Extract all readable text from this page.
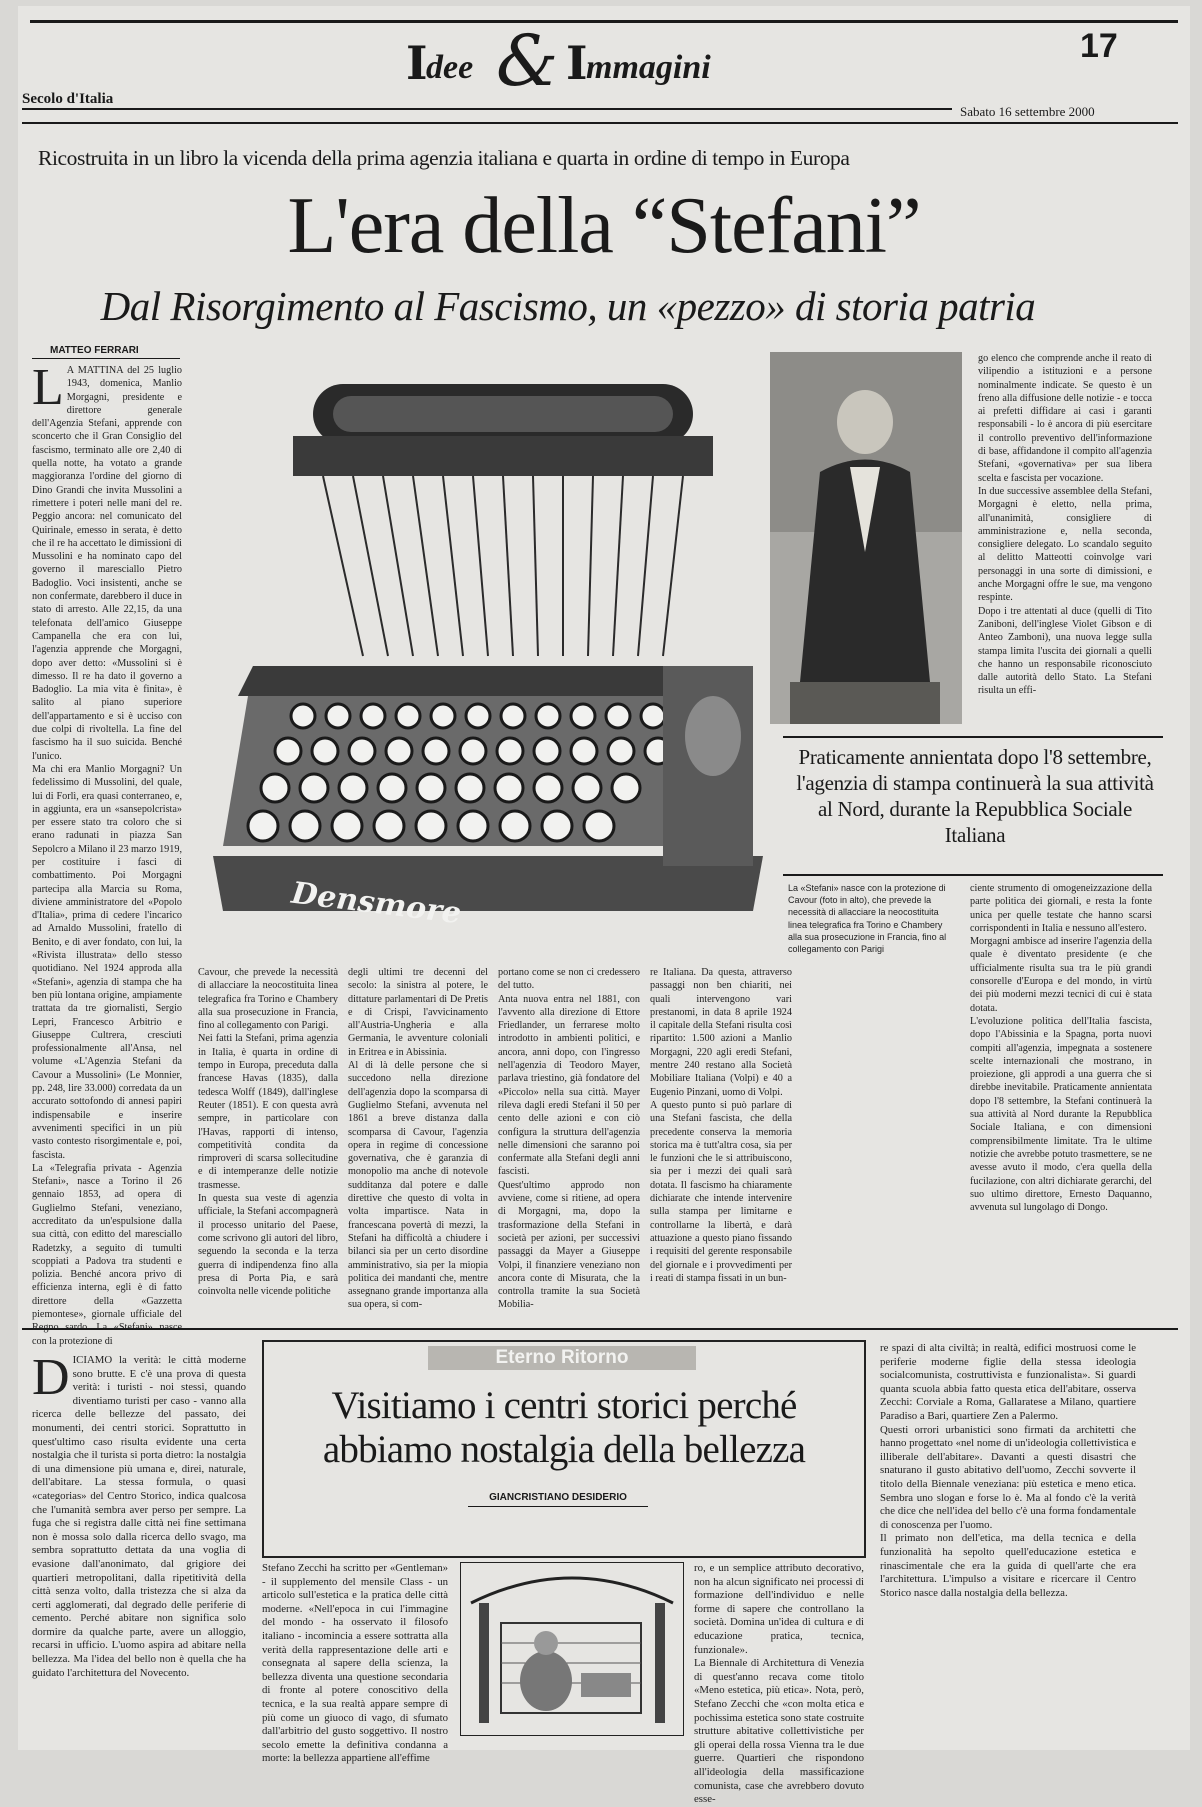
I
dee & I
mmagini
17
Secolo d'Italia
Sabato 16 settembre 2000
Ricostruita in un libro la vicenda della prima agenzia italiana e quarta in ordine di tempo in Europa
L'era della “Stefani”
Dal Risorgimento al Fascismo, un «pezzo» di storia patria
MATTEO FERRARI
L A MATTINA del 25 luglio 1943, domenica, Manlio Morgagni, presidente e direttore generale dell'Agenzia Stefani, apprende con sconcerto che il Gran Consiglio del fascismo, terminato alle ore 2,40 di quella notte, ha votato a grande maggioranza l'ordine del giorno di Dino Grandi che invita Mussolini a rimettere i poteri nelle mani del re. Peggio ancora: nel comunicato del Quirinale, emesso in serata, è detto che il re ha accettato le dimissioni di Mussolini e ha nominato capo del governo il maresciallo Pietro Badoglio. Voci insistenti, anche se non confermate, darebbero il duce in stato di arresto. Alle 22,15, da una telefonata dell'amico Giuseppe Campanella che era con lui, l'agenzia apprende che Morgagni, dopo aver detto: «Mussolini si è dimesso. Il re ha dato il governo a Badoglio. La mia vita è finita», è salito al piano superiore dell'appartamento e si è ucciso con due colpi di rivoltella. La fine del fascismo ha il suo suicida. Benché l'unico.
Ma chi era Manlio Morgagni? Un fedelissimo di Mussolini, del quale, lui di Forlì, era quasi conterraneo, e, in aggiunta, era un «sansepolcrista» per essere stato tra coloro che si erano radunati in piazza San Sepolcro a Milano il 23 marzo 1919, per costituire i fasci di combattimento. Poi Morgagni partecipa alla Marcia su Roma, diviene amministratore del «Popolo d'Italia», prima di cedere l'incarico ad Arnaldo Mussolini, fratello di Benito, e di aver fondato, con lui, la «Rivista illustrata» dello stesso quotidiano. Nel 1924 approda alla «Stefani», agenzia di stampa che ha ben più lontana origine, ampiamente trattata da tre giornalisti, Sergio Lepri, Francesco Arbitrio e Giuseppe Cultrera, cresciuti professionalmente all'Ansa, nel volume «L'Agenzia Stefani da Cavour a Mussolini» (Le Monnier, pp. 248, lire 33.000) corredata da un accurato sottofondo di annesi papiri indispensabile e inserire avvenimenti specifici in un più vasto contesto risorgimentale e, poi, fascista.
La «Telegrafia privata - Agenzia Stefani», nasce a Torino il 26 gennaio 1853, ad opera di Guglielmo Stefani, veneziano, accreditato da un'espulsione dalla sua città, con editto del maresciallo Radetzky, a seguito di tumulti scoppiati a Padova tra studenti e polizia. Benché ancora privo di efficienza interna, egli è di fatto direttore della «Gazzetta piemontese», giornale ufficiale del con la protezione di
Densmore
go elenco che comprende anche il reato di vilipendio a istituzioni e a persone nominalmente indicate. Se questo è un freno alla diffusione delle notizie - e tocca ai prefetti diffidare ai casi i garanti responsabili - lo è ancora di più esercitare il controllo preventivo dell'informazione di base, affidandone il compito all'agenzia Stefani, «governativa» per sua libera scelta e fascista per vocazione.
In due successive assemblee della Stefani, Morgagni è eletto, nella prima, all'unanimità, consigliere di amministrazione e, nella seconda, consigliere delegato. Lo scandalo seguito al delitto Matteotti coinvolge vari personaggi in una sorte di dimissioni, e anche Morgagni offre le sue, ma vengono respinte.
Dopo i tre attentati al duce (quelli di Tito Zaniboni, dell'inglese Violet Gibson e di Anteo Zamboni), una nuova legge sulla stampa limita l'uscita dei giornali a quelli che hanno un responsabile riconosciuto dalle autorità dello Stato. La Stefani risulta un effi-
Praticamente annientata dopo l'8 settembre, l'agenzia di stampa continuerà la sua attività al Nord, durante la Repubblica Sociale Italiana
La «Stefani» nasce con la protezione di Cavour (foto in alto), che prevede la necessità di allacciare la neocostituita linea telegrafica fra Torino e Chambery alla sua prosecuzione in Francia, fino al collegamento con Parigi
Cavour, che prevede la necessità di allacciare la neocostituita linea telegrafica fra Torino e Chambery alla sua prosecuzione in Francia, fino al collegamento con Parigi.
Nei fatti la Stefani, prima agenzia in Italia, è quarta in ordine di tempo in Europa, preceduta dalla francese Havas (1835), dalla tedesca Wolff (1849), dall'inglese Reuter (1851). E con questa avrà sempre, in particolare con l'Havas, rapporti di intenso, competitività condita da rimproveri di scarsa sollecitudine e di intemperanze delle notizie trasmesse.
In questa sua veste di agenzia ufficiale, la Stefani accompagnerà il processo unitario del Paese, come scrivono gli autori del libro, seguendo la seconda e la terza guerra di indipendenza fino alla presa di Porta Pia, e sarà coinvolta nelle vicende politiche
degli ultimi tre decenni del secolo: la sinistra al potere, le dittature parlamentari di De Pretis e di Crispi, l'avvicinamento all'Austria-Ungheria e alla Germania, le avventure coloniali in Eritrea e in Abissinia.
Al di là delle persone che si succedono nella direzione dell'agenzia dopo la scomparsa di Guglielmo Stefani, avvenuta nel 1861 a breve distanza dalla scomparsa di Cavour, l'agenzia opera in regime di concessione governativa, che è garanzia di monopolio ma anche di notevole sudditanza dal potere e dalle direttive che questo di volta in volta impartisce. Nata in francescana povertà di mezzi, la Stefani ha difficoltà a chiudere i bilanci sia per un certo disordine amministrativo, sia per la miopia politica dei mandanti che, mentre assegnano grande importanza alla sua opera, si com-
portano come se non ci credessero del tutto.
Anta nuova entra nel 1881, con l'avvento alla direzione di Ettore Friedlander, un ferrarese molto introdotto in ambienti politici, e ancora, anni dopo, con l'ingresso nell'agenzia di Teodoro Mayer, parlava triestino, già fondatore del «Piccolo» nella sua città. Mayer rileva dagli eredi Stefani il 50 per cento delle azioni e con ciò configura la struttura dell'agenzia nelle dimensioni che saranno poi confermate alla Stefani degli anni fascisti.
Quest'ultimo approdo non avviene, come si ritiene, ad opera di Morgagni, ma, dopo la trasformazione della Stefani in società per azioni, per successivi passaggi da Mayer a Giuseppe Volpi, il finanziere veneziano non ancora conte di Misurata, che la controlla tramite la sua Società Mobilia-
re Italiana. Da questa, attraverso passaggi non ben chiariti, nei quali intervengono vari prestanomi, in data 8 aprile 1924 il capitale della Stefani risulta così ripartito: 1.500 azioni a Manlio Morgagni, 220 agli eredi Stefani, mentre 240 restano alla Società Mobiliare Italiana (Volpi) e 40 a Eugenio Pinzani, uomo di Volpi.
A questo punto si può parlare di una Stefani fascista, che della precedente conserva la memoria storica ma è tutt'altra cosa, sia per le funzioni che le si attribuiscono, sia per i mezzi dei quali sarà dotata. Il fascismo ha chiaramente dichiarate che intende intervenire sulla stampa per limitarne e controllarne la libertà, e darà attuazione a questo piano fissando i requisiti del gerente responsabile del giornale e i provvedimenti per i reati di stampa fissati in un bun-
ciente strumento di omogeneizzazione della parte politica dei giornali, e resta la fonte unica per quelle testate che hanno scarsi corrispondenti in Italia e nessuno all'estero.
Morgagni ambisce ad inserire l'agenzia della quale è diventato presidente (e che ufficialmente risulta sua tra le più grandi consorelle d'Europa e del mondo, in virtù dei più moderni mezzi tecnici di cui è stata dotata.
L'evoluzione politica dell'Italia fascista, dopo l'Abissinia e la Spagna, porta nuovi compiti all'agenzia, impegnata a sostenere scelte internazionali che mostrano, in proiezione, gli approdi a una guerra che si direbbe inevitabile. Praticamente annientata dopo l'8 settembre, la Stefani continuerà la sua attività al Nord durante la Repubblica Sociale Italiana, e con dimensioni comprensibilmente limitate. Tra le ultime notizie che avrebbe potuto trasmettere, se ne avesse avuto il modo, c'era quella della fucilazione, con altri dichiarate gerarchi, del suo ultimo direttore, Ernesto Daquanno, avvenuta sul lungolago di Dongo.
Eterno Ritorno
Visitiamo i centri storici perché
abbiamo nostalgia della bellezza
GIANCRISTIANO DESIDERIO
DICIAMO la verità: le città moderne sono brutte. E c'è una prova di questa verità: i turisti - noi stessi, quando diventiamo turisti per caso - vanno alla ricerca delle bellezze del passato, dei monumenti, dei centri storici. Soprattutto in quest'ultimo caso risulta evidente una certa nostalgia che il turista si porta dietro: la nostalgia di una dimensione più umana e, direi, naturale, dell'abitare. La stessa formula, o quasi «categorias» del Centro Storico, indica qualcosa che l'umanità sembra aver perso per sempre. La fuga che si registra dalle città nei fine settimana non è mossa solo dalla ricerca dello svago, ma sembra soprattutto dettata da una voglia di evasione dall'anonimato, dal grigiore dei quartieri metropolitani, dalla ripetitività della città senza volto, dalla tristezza che si alza da certi agglomerati, dal degrado delle periferie di cemento. Perché abitare non significa solo dormire da qualche parte, avere un alloggio, recarsi in ufficio. L'uomo aspira ad abitare nella bellezza. Ma l'idea del bello non è quella che ha guidato l'architettura del Novecento.
Stefano Zecchi ha scritto per «Gentleman» - il supplemento del mensile Class - un articolo sull'estetica e la pratica delle città moderne. «Nell'epoca in cui l'immagine del mondo - ha osservato il filosofo italiano - incomincia a essere sottratta alla verità della rappresentazione delle arti e consegnata al sapere della scienza, la bellezza diventa una questione secondaria di fronte al potere conoscitivo della tecnica, e la sua realtà appare sempre di più come un giuoco di vago, di sfumato dall'arbitrio del gusto soggettivo. Il nostro secolo emette la definitiva condanna a morte: la bellezza appartiene all'effime
ro, e un semplice attributo decorativo, non ha alcun significato nei processi di formazione dell'individuo e nelle forme di sapere che controllano la società. Domina un'idea di cultura e di educazione pratica, tecnica, funzionale».
La Biennale di Architettura di Venezia di quest'anno recava come titolo «Meno estetica, più etica». Nota, però, Stefano Zecchi che «con molta etica e pochissima estetica sono state costruite strutture abitative collettivistiche per gli operai della rossa Vienna tra le due guerre. Quartieri che rispondono all'ideologia della massificazione comunista, case che avrebbero dovuto esse-
re spazi di alta civiltà; in realtà, edifici mostruosi come le periferie moderne figlie della stessa ideologia socialcomunista, costruttivista e funzionalista». Si guardi quanta scuola abbia fatto questa etica dell'abitare, osserva Zecchi: Corviale a Roma, Gallaratese a Milano, quartiere Paradiso a Bari, quartiere Zen a Palermo.
Questi orrori urbanistici sono firmati da architetti che hanno progettato «nel nome di un'ideologia collettivistica e illiberale dell'abitare». Davanti a questi disastri che snaturano il gusto abitativo dell'uomo, Zecchi sovverte il titolo della Biennale veneziana: più estetica e meno etica. Sembra uno slogan e forse lo è. Ma al fondo c'è la verità che dice che nell'idea del bello c'è una forma fondamentale di conoscenza per l'uomo.
Il primato non dell'etica, ma della tecnica e della funzionalità ha sepolto quell'educazione estetica e rinascimentale che era la guida di quell'arte che era l'architettura. L'impulso a visitare e ricercare il Centro Storico nasce dalla nostalgia della bellezza.
